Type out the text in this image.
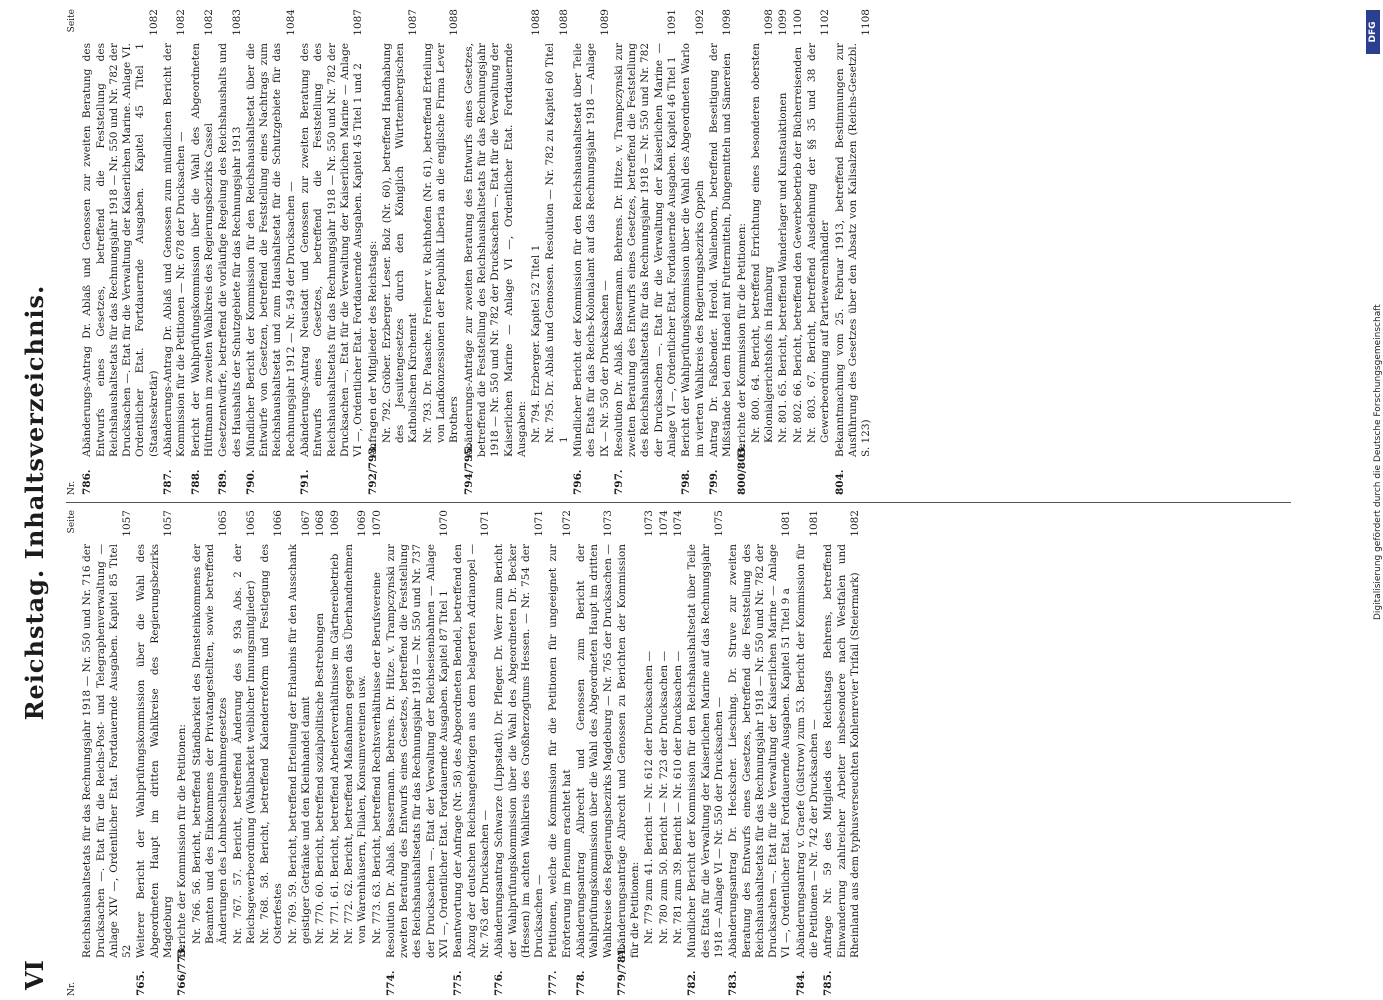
VI
Reichstag. Inhaltsverzeichnis.
Nr.
Seite
Reichshaushaltsetats für das Rechnungsjahr 1918 — Nr. 550 und Nr. 716 der Drucksachen —. Etat für die Reichs-Post- und Telegraphenverwaltung — Anlage XIV —, Ordentlicher Etat. Fortdauernde Ausgaben. Kapitel 85 Titel 52
1057
765.
Weiterer Bericht der Wahlprüfungskommission über die Wahl des Abgeordneten Haupt im dritten Wahlkreise des Regierungsbezirks Magdeburg
1057
766/773.
Berichte der Kommission für die Petitionen: Nr. 766. 56. Bericht, betreffend Ständbarkeit des Diensteinkommens der Beamten und des Einkommens der Privatangestellten, sowie betreffend Änderungen des Lohnbeschlagnahmegesetzes
1065
Nr. 767. 57. Bericht, betreffend Änderung des § 93a Abs. 2 der Reichsgewerbeordnung (Wahlbarkeit weiblicher Innungsmitglieder)
1065
Nr. 768. 58. Bericht, betreffend Kalenderreform und Festlegung des Osterfestes
1066
Nr. 769. 59. Bericht, betreffend Erteilung der Erlaubnis für den Ausschank geistiger Getränke und den Kleinhandel damit
1067
Nr. 770. 60. Bericht, betreffend sozialpolitische Bestrebungen
1068
Nr. 771. 61. Bericht, betreffend Arbeiterverhältnisse im Gärtnereibetrieb
1069
Nr. 772. 62. Bericht, betreffend Maßnahmen gegen das Überhandnehmen von Warenhäusern, Filialen, Konsumvereinen usw.
1069
Nr. 773. 63. Bericht, betreffend Rechtsverhältnisse der Berufsvereine
1070
774.
Resolution Dr. Ablaß. Bassermann. Behrens. Dr. Hitze. v. Trampczynski zur zweiten Beratung des Entwurfs eines Gesetzes, betreffend die Feststellung des Reichshaushaltsetats für das Rechnungsjahr 1918 — Nr. 550 und Nr. 737 der Drucksachen —. Etat der Verwaltung der Reichseisenbahnen — Anlage XVI —, Ordentlicher Etat. Fortdauernde Ausgaben. Kapitel 87 Titel 1
1070
775.
Beantwortung der Anfrage (Nr. 58) des Abgeordneten Bendel, betreffend den Abzug der deutschen Reichsangehörigen aus dem belagerten Adrianopel — Nr. 763 der Drucksachen —
1071
776.
Abänderungsantrag Schwarze (Lippstadt). Dr. Pfleger. Dr. Werr zum Bericht der Wahlprüfungskommission über die Wahl des Abgeordneten Dr. Becker (Hessen) im achten Wahlkreis des Großherzogtums Hessen. — Nr. 754 der Drucksachen —
1071
777.
Petitionen, welche die Kommission für die Petitionen für ungeeignet zur Erörterung im Plenum erachtet hat
1072
778.
Abänderungsantrag Albrecht und Genossen zum Bericht der Wahlprüfungskommission über die Wahl des Abgeordneten Haupt im dritten Wahlkreise des Regierungsbezirks Magdeburg — Nr. 765 der Drucksachen —
1073
779/781.
Abänderungsanträge Albrecht und Genossen zu Berichten der Kommission für die Petitionen: Nr. 779 zum 41. Bericht — Nr. 612 der Drucksachen —
1073
Nr. 780 zum 50. Bericht — Nr. 723 der Drucksachen —
1074
Nr. 781 zum 39. Bericht — Nr. 610 der Drucksachen —
1074
782.
Mündlicher Bericht der Kommission für den Reichshaushaltsetat über Teile des Etats für die Verwaltung der Kaiserlichen Marine auf das Rechnungsjahr 1918 — Anlage VI — Nr. 550 der Drucksachen —
1075
783.
Abänderungsantrag Dr. Heckscher. Liesching. Dr. Struve zur zweiten Beratung des Entwurfs eines Gesetzes, betreffend die Feststellung des Reichshaushaltsetats für das Rechnungsjahr 1918 — Nr. 550 und Nr. 782 der Drucksachen —. Etat für die Verwaltung der Kaiserlichen Marine — Anlage VI —, Ordentlicher Etat. Fortdauernde Ausgaben. Kapitel 51 Titel 9 a
1081
784.
Abänderungsantrag v. Graefe (Güstrow) zum 53. Bericht der Kommission für die Petitionen — Nr. 742 der Drucksachen —
1081
785.
Anfrage Nr. 59 des Mitglieds des Reichstags Behrens, betreffend Einwanderung zahlreicher Arbeiter insbesondere nach Westfalen und Rheinland aus dem typhusverseuchten Kohlenrevier Trifail (Steiermark)
1082
Nr.
Seite
786.
Abänderungs-Antrag Dr. Ablaß und Genossen zur zweiten Beratung des Entwurfs eines Gesetzes, betreffend die Feststellung des Reichshaushaltsetats für das Rechnungsjahr 1918 — Nr. 550 und Nr. 782 der Drucksachen —. Etat für die Verwaltung der Kaiserlichen Marine. Anlage VI. Ordentlicher Etat. Fortdauernde Ausgaben. Kapitel 45 Titel 1 (Staatssekretär)
1082
787.
Abänderungs-Antrag Dr. Ablaß und Genossen zum mündlichen Bericht der Kommission für die Petitionen — Nr. 678 der Drucksachen —
1082
788.
Bericht der Wahlprüfungskommission über die Wahl des Abgeordneten Hüttmann im zweiten Wahlkreis des Regierungsbezirks Cassel
1082
789.
Gesetzentwürfe, betreffend die vorläufige Regelung des Reichshaushalts und des Haushalts der Schutzgebiete für das Rechnungsjahr 1913
1083
790.
Mündlicher Bericht der Kommission für den Reichshaushaltsetat über die Entwürfe von Gesetzen, betreffend die Feststellung eines Nachtrags zum Reichshaushaltsetat und zum Haushaltsetat für die Schutzgebiete für das Rechnungsjahr 1912 — Nr. 549 der Drucksachen —
1084
791.
Abänderungs-Antrag Neustadt und Genossen zur zweiten Beratung des Entwurfs eines Gesetzes, betreffend die Feststellung des Reichshaushaltsetats für das Rechnungsjahr 1918 — Nr. 550 und Nr. 782 der Drucksachen —. Etat für die Verwaltung der Kaiserlichen Marine — Anlage VI —, Ordentlicher Etat. Fortdauernde Ausgaben. Kapitel 45 Titel 1 und 2
1087
792/793.
Anfragen der Mitglieder des Reichstags: Nr. 792. Gröber. Erzberger. Leser. Bolz (Nr. 60), betreffend Handhabung des Jesuitengesetzes durch den Königlich Württembergischen Katholischen Kirchenrat
1087
Nr. 793. Dr. Paasche. Freiherr v. Richthofen (Nr. 61), betreffend Erteilung von Landkonzessionen der Republik Liberia an die englische Firma Lever Brothers
1088
794/795.
Abänderungs-Anträge zur zweiten Beratung des Entwurfs eines Gesetzes, betreffend die Feststellung des Reichshaushaltsetats für das Rechnungsjahr 1918 — Nr. 550 und Nr. 782 der Drucksachen —. Etat für die Verwaltung der Kaiserlichen Marine — Anlage VI —, Ordentlicher Etat. Fortdauernde Ausgaben: Nr. 794. Erzberger. Kapitel 52 Titel 1
1088
Nr. 795. Dr. Ablaß und Genossen. Resolution — Nr. 782 zu Kapitel 60 Titel 1
1088
796.
Mündlicher Bericht der Kommission für den Reichshaushaltsetat über Teile des Etats für das Reichs-Kolonialamt auf das Rechnungsjahr 1918 — Anlage IX — Nr. 550 der Drucksachen —
1089
797.
Resolution Dr. Ablaß. Bassermann. Behrens. Dr. Hitze. v. Trampczynski zur zweiten Beratung des Entwurfs eines Gesetzes, betreffend die Feststellung des Reichshaushaltsetats für das Rechnungsjahr 1918 — Nr. 550 und Nr. 782 der Drucksachen —. Etat für die Verwaltung der Kaiserlichen Marine — Anlage VI —, Ordentlicher Etat. Fortdauernde Ausgaben. Kapitel 46 Titel 1
1091
798.
Bericht der Wahlprüfungskommission über die Wahl des Abgeordneten Warlo im vierten Wahlkreis des Regierungsbezirks Oppeln
1092
799.
Antrag Dr. Faßbender. Herold. Wallenborn, betreffend Beseitigung der Mißstände bei dem Handel mit Futtermitteln, Düngemitteln und Sämereien
1098
800/803.
Berichte der Kommission für die Petitionen: Nr. 800. 64. Bericht, betreffend Errichtung eines besonderen obersten Kolonialgerichtshofs in Hamburg
1098
Nr. 801. 65. Bericht, betreffend Wanderlager und Kunstauktionen
1099
Nr. 802. 66. Bericht, betreffend den Gewerbebetrieb der Bücherreisenden
1100
Nr. 803. 67. Bericht, betreffend Ausdehnung der §§ 35 und 38 der Gewerbeordnung auf Partiewarenhändler
1102
804.
Bekanntmachung vom 25. Februar 1913, betreffend Bestimmungen zur Ausführung des Gesetzes über den Absatz von Kalisalzen (Reichs-Gesetzbl. S. 123)
1108	DFG
Digitalisierung gefördert durch die Deutsche Forschungsgemeinschaft
